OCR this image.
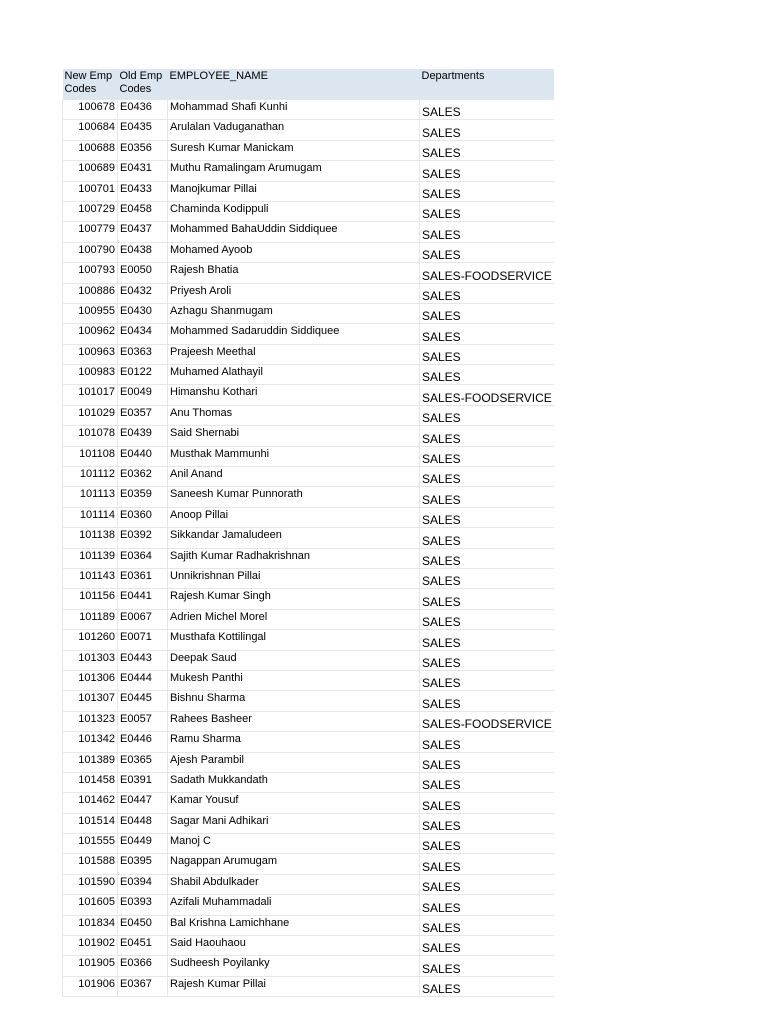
New Emp Codes	Old Emp Codes	EMPLOYEE_NAME	Departments
100678	E0436	Mohammad Shafi Kunhi	SALES
100684	E0435	Arulalan Vaduganathan	SALES
100688	E0356	Suresh Kumar Manickam	SALES
100689	E0431	Muthu Ramalingam Arumugam	SALES
100701	E0433	Manojkumar Pillai	SALES
100729	E0458	Chaminda Kodippuli	SALES
100779	E0437	Mohammed BahaUddin Siddiquee	SALES
100790	E0438	Mohamed Ayoob	SALES
100793	E0050	Rajesh Bhatia	SALES-FOODSERVICE
100886	E0432	Priyesh Aroli	SALES
100955	E0430	Azhagu Shanmugam	SALES
100962	E0434	Mohammed Sadaruddin Siddiquee	SALES
100963	E0363	Prajeesh Meethal	SALES
100983	E0122	Muhamed Alathayil	SALES
101017	E0049	Himanshu Kothari	SALES-FOODSERVICE
101029	E0357	Anu Thomas	SALES
101078	E0439	Said Shernabi	SALES
101108	E0440	Musthak Mammunhi	SALES
101112	E0362	Anil Anand	SALES
101113	E0359	Saneesh Kumar Punnorath	SALES
101114	E0360	Anoop Pillai	SALES
101138	E0392	Sikkandar Jamaludeen	SALES
101139	E0364	Sajith Kumar Radhakrishnan	SALES
101143	E0361	Unnikrishnan Pillai	SALES
101156	E0441	Rajesh Kumar Singh	SALES
101189	E0067	Adrien Michel Morel	SALES
101260	E0071	Musthafa Kottilingal	SALES
101303	E0443	Deepak Saud	SALES
101306	E0444	Mukesh Panthi	SALES
101307	E0445	Bishnu Sharma	SALES
101323	E0057	Rahees Basheer	SALES-FOODSERVICE
101342	E0446	Ramu Sharma	SALES
101389	E0365	Ajesh Parambil	SALES
101458	E0391	Sadath Mukkandath	SALES
101462	E0447	Kamar Yousuf	SALES
101514	E0448	Sagar Mani Adhikari	SALES
101555	E0449	Manoj C	SALES
101588	E0395	Nagappan Arumugam	SALES
101590	E0394	Shabil Abdulkader	SALES
101605	E0393	Azifali Muhammadali	SALES
101834	E0450	Bal Krishna Lamichhane	SALES
101902	E0451	Said Haouhaou	SALES
101905	E0366	Sudheesh Poyilanky	SALES
101906	E0367	Rajesh Kumar Pillai	SALES
